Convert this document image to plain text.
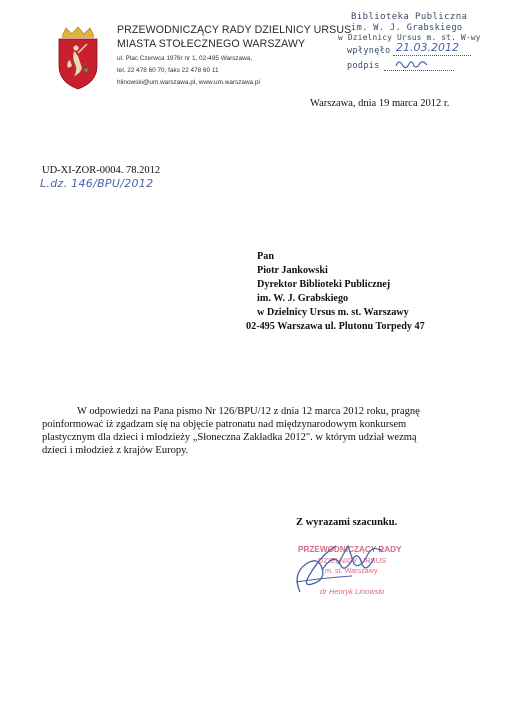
PRZEWODNICZĄCY RADY DZIELNICY URSUS
MIASTA STOŁECZNEGO WARSZAWY
ul. Plac Czerwca 1976r nr 1, 02-495 Warszawa,
tel. 22 478 60 70, faks 22 478 60 11
hlinowski@um.warszawa.pl, www.um.warszawa.pl
Biblioteka Publiczna
im. W. J. Grabskiego
w Dzielnicy Ursus m. st. W-wy
wpłynęło 21.03.2012
podpis
Warszawa, dnia 19 marca 2012 r.
UD-XI-ZOR-0004. 78.2012
L.dz. 146/BPU/2012
Pan
Piotr Jankowski
Dyrektor Biblioteki Publicznej
im. W. J. Grabskiego
w Dzielnicy Ursus m. st. Warszawy
02-495 Warszawa ul. Plutonu Torpedy 47
W odpowiedzi na Pana pismo Nr 126/BPU/12 z dnia 12 marca 2012 roku, pragnę
poinformować iż zgadzam się na objęcie patronatu nad międzynarodowym konkursem
plastycznym dla dzieci i młodzieży „Słoneczna Zakładka 2012". w którym udział wezmą
dzieci i młodzież z krajów Europy.
Z wyrazami szacunku.
PRZEWODNICZĄCY RADY
DZIELNICY URSUS
m. st. Warszawy
dr Henryk Linowski
